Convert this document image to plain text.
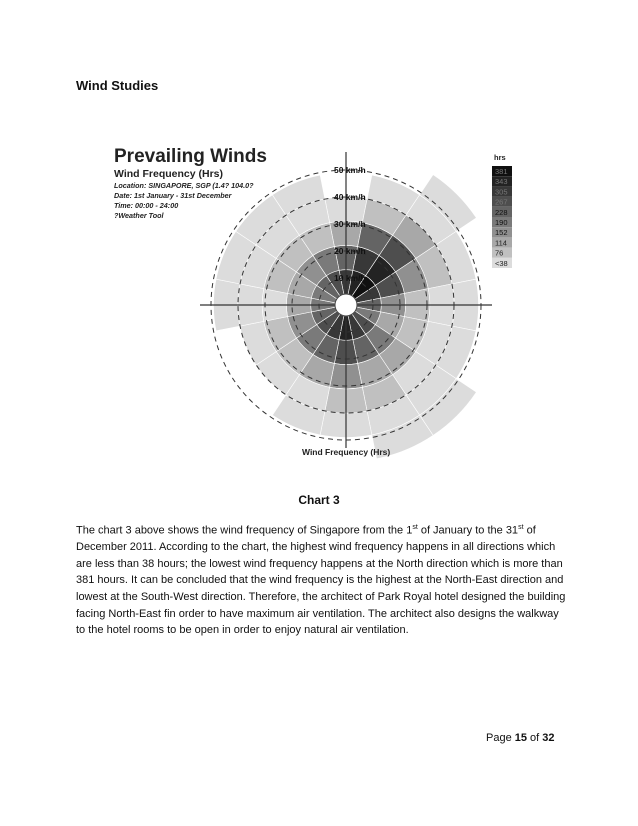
Wind Studies
10 km/h
20 km/h
30 km/h
40 km/h
50 km/h
Prevailing Winds
Wind Frequency (Hrs)
Location: SINGAPORE, SGP (1.4? 104.0?
Date: 1st January - 31st December
Time: 00:00 - 24:00
?Weather Tool
Wind Frequency (Hrs)
hrs
381
343
305
267
228
190
152
114
76
<38
Chart 3

The chart 3 above shows the wind frequency of Singapore from the 1st of January to the 31st of December 2011. According to the chart, the highest wind frequency happens in all directions which are less than 38 hours; the lowest wind frequency happens at the North direction which is more than 381 hours. It can be concluded that the wind frequency is the highest at the North-East direction and lowest at the South-West direction. Therefore, the architect of Park Royal hotel designed the building facing North-East fin order to have maximum air ventilation. The architect also designs the walkway to the hotel rooms to be open in order to enjoy natural air ventilation.

Page 15 of 32
